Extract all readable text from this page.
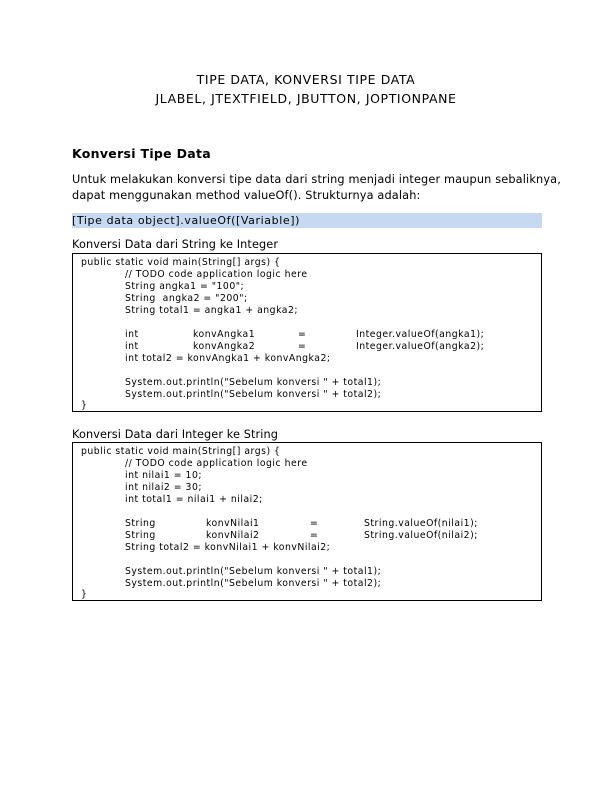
TIPE DATA, KONVERSI TIPE DATA
JLABEL, JTEXTFIELD, JBUTTON, JOPTIONPANE
Konversi Tipe Data
Untuk melakukan konversi tipe data dari string menjadi integer maupun sebaliknya,
dapat menggunakan method valueOf(). Strukturnya adalah:
[Tipe data object].valueOf([Variable])
Konversi Data dari String ke Integer
public static void main(String[] args) {
// TODO code application logic here
String angka1 = "100";
String  angka2 = "200";
String total1 = angka1 + angka2;
int	konvAngka1	=	Integer.valueOf(angka1);
int	konvAngka2	=	Integer.valueOf(angka2);
int total2 = konvAngka1 + konvAngka2;
System.out.println("Sebelum konversi " + total1);
System.out.println("Sebelum konversi " + total2);
}
Konversi Data dari Integer ke String
public static void main(String[] args) {
// TODO code application logic here
int nilai1 = 10;
int nilai2 = 30;
int total1 = nilai1 + nilai2;
String	konvNilai1	=	String.valueOf(nilai1);
String	konvNilai2	=	String.valueOf(nilai2);
String total2 = konvNilai1 + konvNilai2;
System.out.println("Sebelum konversi " + total1);
System.out.println("Sebelum konversi " + total2);
}
